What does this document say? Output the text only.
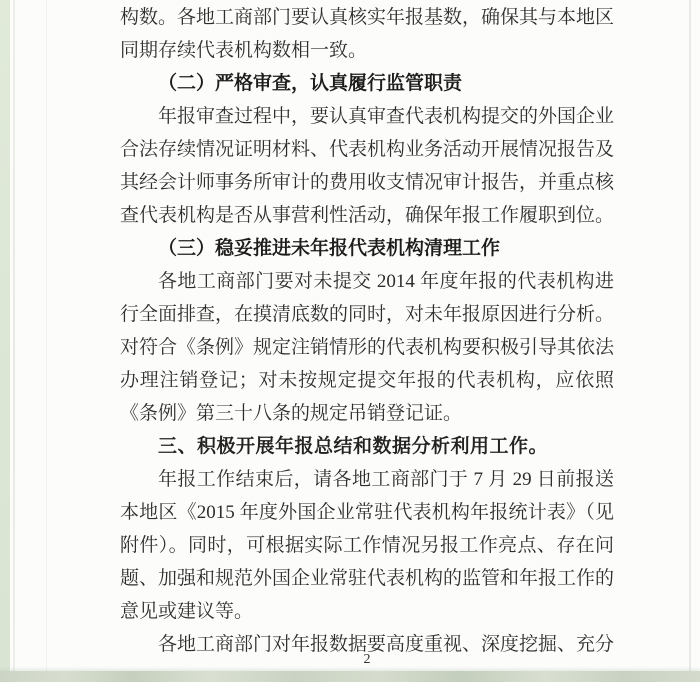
构数。各地工商部门要认真核实年报基数，确保其与本地区同期存续代表机构数相一致。

（二）严格审查，认真履行监管职责

年报审查过程中，要认真审查代表机构提交的外国企业合法存续情况证明材料、代表机构业务活动开展情况报告及其经会计师事务所审计的费用收支情况审计报告，并重点核查代表机构是否从事营利性活动，确保年报工作履职到位。

（三）稳妥推进未年报代表机构清理工作

各地工商部门要对未提交 2014 年度年报的代表机构进行全面排查，在摸清底数的同时，对未年报原因进行分析。对符合《条例》规定注销情形的代表机构要积极引导其依法办理注销登记；对未按规定提交年报的代表机构，应依照《条例》第三十八条的规定吊销登记证。

三、积极开展年报总结和数据分析利用工作。

年报工作结束后，请各地工商部门于 7 月 29 日前报送本地区《2015 年度外国企业常驻代表机构年报统计表》（见附件）。同时，可根据实际工作情况另报工作亮点、存在问题、加强和规范外国企业常驻代表机构的监管和年报工作的意见或建议等。

各地工商部门对年报数据要高度重视、深度挖掘、充分

2
